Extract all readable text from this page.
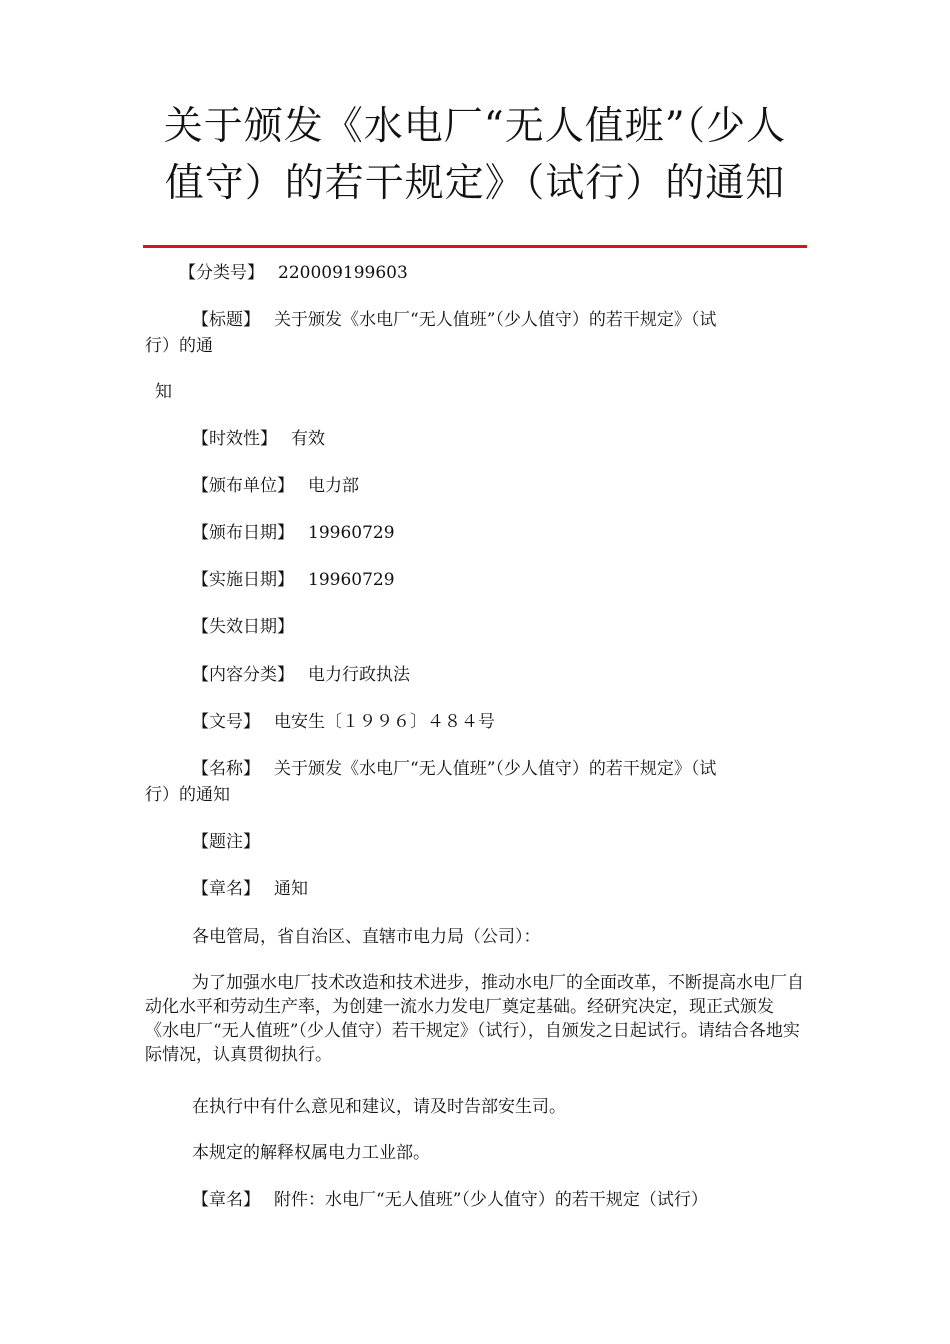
关于颁发《水电厂“无人值班”（少人
值守）的若干规定》（试行）的通知
【分类号】 220009199603
【标题】 关于颁发《水电厂“无人值班”（少人值守）的若干规定》（试
行）的通
知
【时效性】 有效
【颁布单位】 电力部
【颁布日期】 19960729
【实施日期】 19960729
【失效日期】
【内容分类】 电力行政执法
【文号】 电安生〔１９９６〕４８４号
【名称】 关于颁发《水电厂“无人值班”（少人值守）的若干规定》（试
行）的通知
【题注】
【章名】 通知
各电管局，省自治区、直辖市电力局（公司）：
为了加强水电厂技术改造和技术进步，推动水电厂的全面改革，不断提高水电厂自动化水平和劳动生产率，为创建一流水力发电厂奠定基础。经研究决定，现正式颁发《水电厂“无人值班”（少人值守）若干规定》（试行），自颁发之日起试行。请结合各地实际情况，认真贯彻执行。
在执行中有什么意见和建议，请及时告部安生司。
本规定的解释权属电力工业部。
【章名】 附件：水电厂“无人值班”（少人值守）的若干规定（试行）
